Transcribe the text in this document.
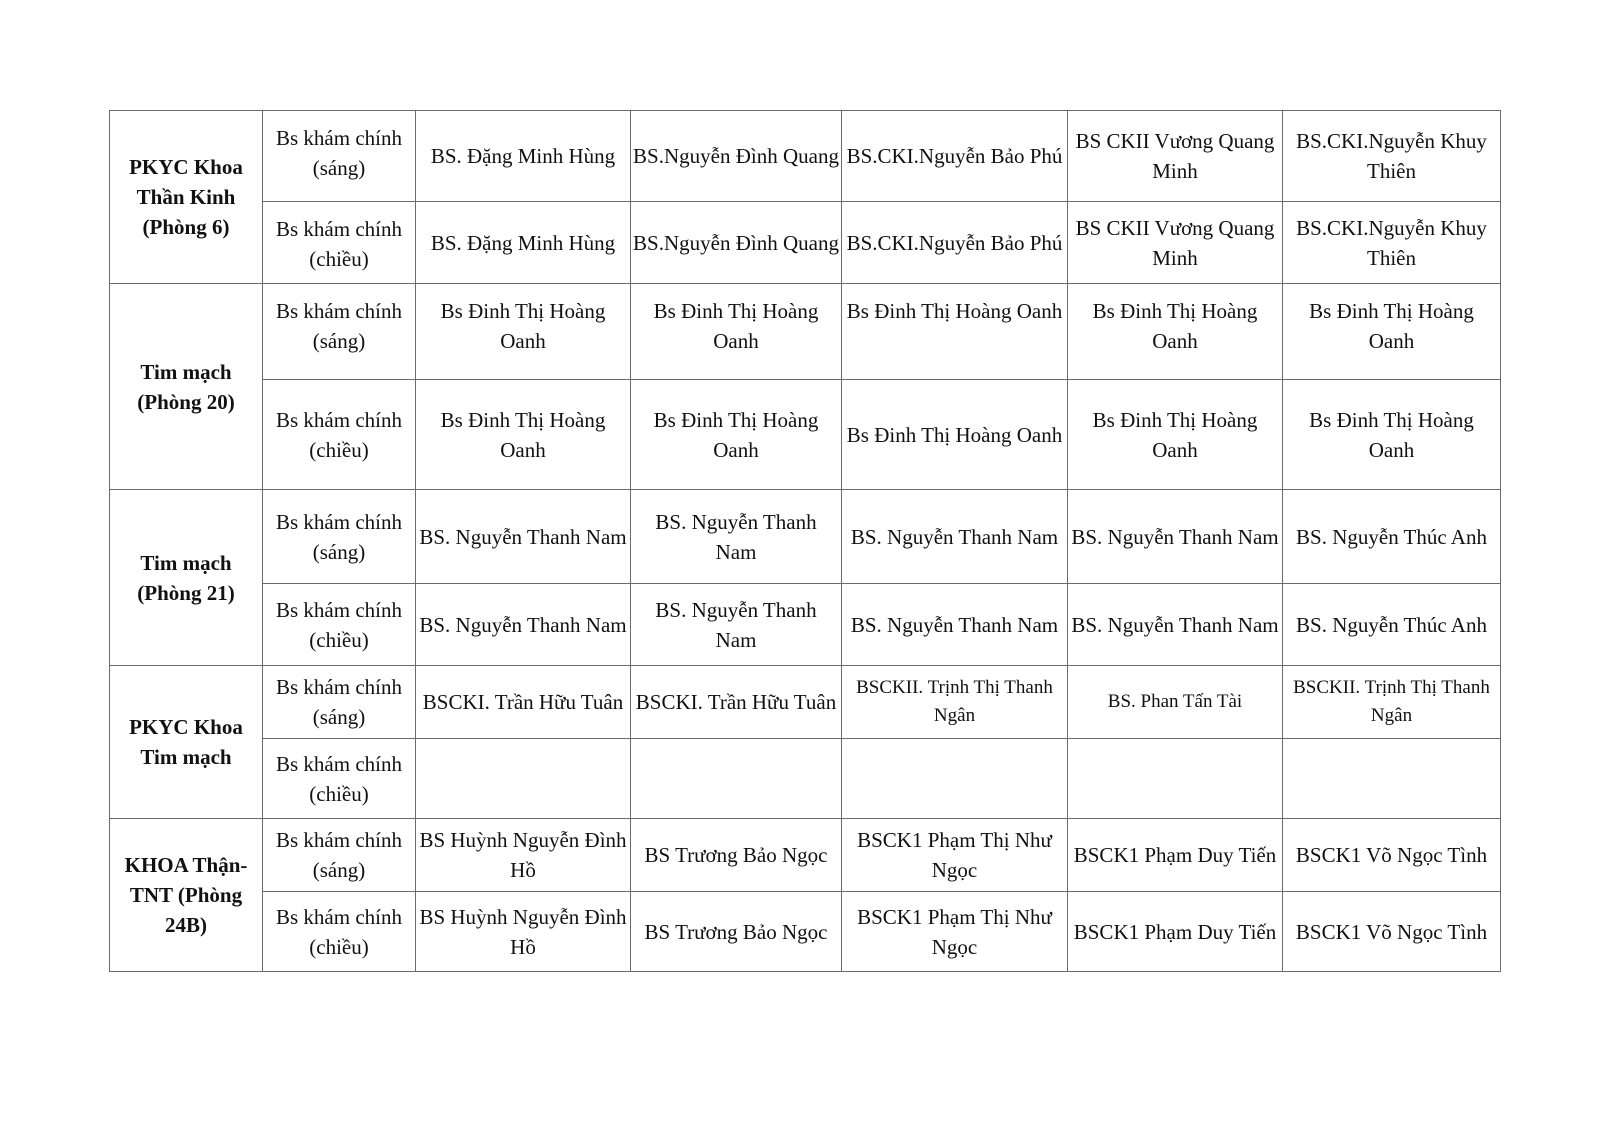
PKYC Khoa Thần Kinh (Phòng 6)	Bs khám chính (sáng)	BS. Đặng Minh Hùng	BS.Nguyễn Đình Quang	BS.CKI.Nguyễn Bảo Phú	BS CKII Vương Quang Minh	BS.CKI.Nguyễn Khuy Thiên
	Bs khám chính (chiều)	BS. Đặng Minh Hùng	BS.Nguyễn Đình Quang	BS.CKI.Nguyễn Bảo Phú	BS CKII Vương Quang Minh	BS.CKI.Nguyễn Khuy Thiên
Tim mạch (Phòng 20)	Bs khám chính (sáng)	Bs Đinh Thị Hoàng Oanh	Bs Đinh Thị Hoàng Oanh	Bs Đinh Thị Hoàng Oanh	Bs Đinh Thị Hoàng Oanh	Bs Đinh Thị Hoàng Oanh
	Bs khám chính (chiều)	Bs Đinh Thị Hoàng Oanh	Bs Đinh Thị Hoàng Oanh	Bs Đinh Thị Hoàng Oanh	Bs Đinh Thị Hoàng Oanh	Bs Đinh Thị Hoàng Oanh
Tim mạch (Phòng 21)	Bs khám chính (sáng)	BS. Nguyễn Thanh Nam	BS. Nguyễn Thanh Nam	BS. Nguyễn Thanh Nam	BS. Nguyễn Thanh Nam	BS. Nguyễn Thúc Anh
	Bs khám chính (chiều)	BS. Nguyễn Thanh Nam	BS. Nguyễn Thanh Nam	BS. Nguyễn Thanh Nam	BS. Nguyễn Thanh Nam	BS. Nguyễn Thúc Anh
PKYC Khoa Tim mạch	Bs khám chính (sáng)	BSCKI. Trần Hữu Tuân	BSCKI. Trần Hữu Tuân	BSCKII. Trịnh Thị Thanh Ngân	BS. Phan Tấn Tài	BSCKII. Trịnh Thị Thanh Ngân
	Bs khám chính (chiều)					
KHOA Thận-TNT (Phòng 24B)	Bs khám chính (sáng)	BS Huỳnh Nguyễn Đình Hồ	BS Trương Bảo Ngọc	BSCK1 Phạm Thị Như Ngọc	BSCK1 Phạm Duy Tiến	BSCK1 Võ Ngọc Tình
	Bs khám chính (chiều)	BS Huỳnh Nguyễn Đình Hồ	BS Trương Bảo Ngọc	BSCK1 Phạm Thị Như Ngọc	BSCK1 Phạm Duy Tiến	BSCK1 Võ Ngọc Tình
